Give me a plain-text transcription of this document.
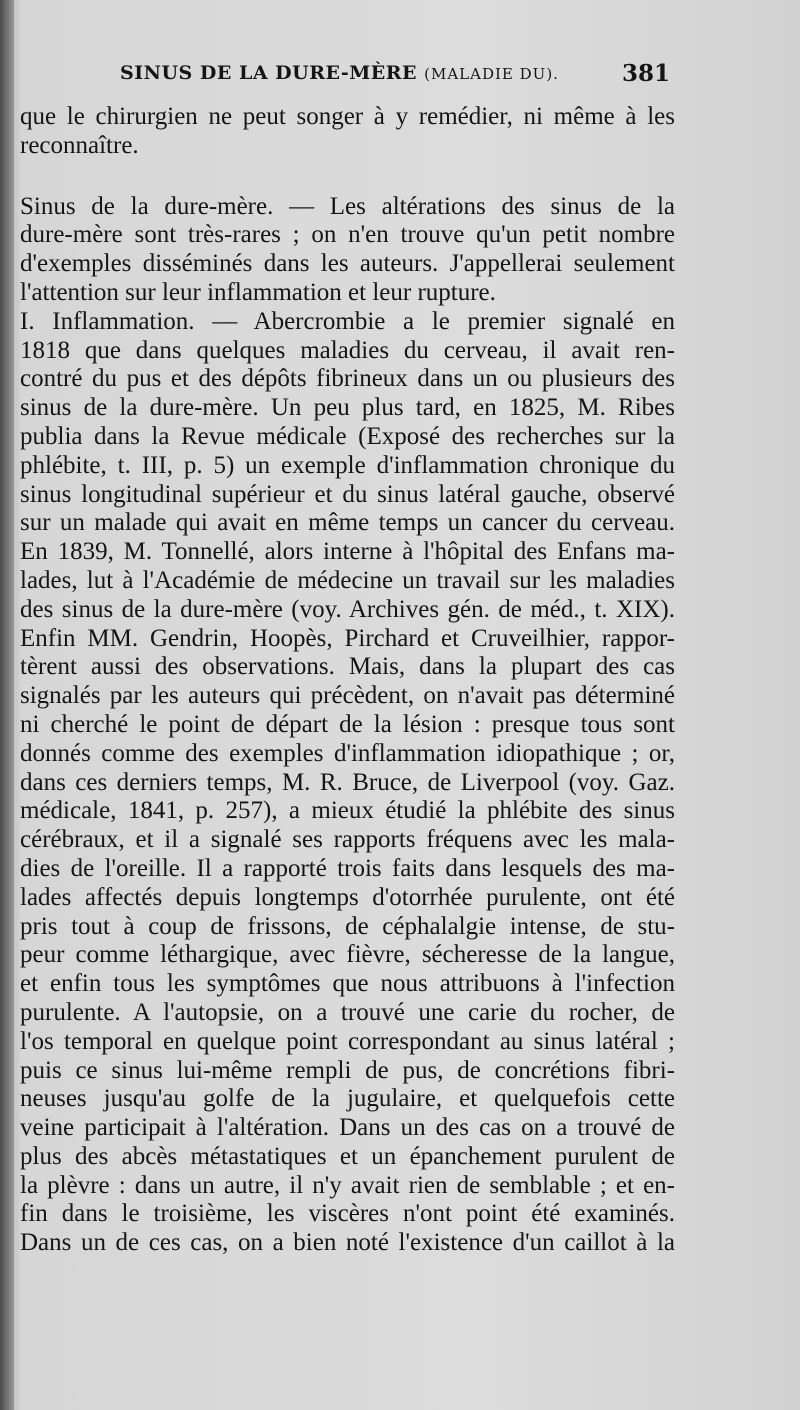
SINUS DE LA DURE-MÈRE (MALADIE DU).	381
que le chirurgien ne peut songer à y remédier, ni même à les
reconnaître.
Sinus de la dure-mère. — Les altérations des sinus de la
dure-mère sont très-rares ; on n'en trouve qu'un petit nombre
d'exemples disséminés dans les auteurs. J'appellerai seulement
l'attention sur leur inflammation et leur rupture.
I. Inflammation. — Abercrombie a le premier signalé en
1818 que dans quelques maladies du cerveau, il avait ren-
contré du pus et des dépôts fibrineux dans un ou plusieurs des
sinus de la dure-mère. Un peu plus tard, en 1825, M. Ribes
publia dans la Revue médicale (Exposé des recherches sur la
phlébite, t. III, p. 5) un exemple d'inflammation chronique du
sinus longitudinal supérieur et du sinus latéral gauche, observé
sur un malade qui avait en même temps un cancer du cerveau.
En 1839, M. Tonnellé, alors interne à l'hôpital des Enfans ma-
lades, lut à l'Académie de médecine un travail sur les maladies
des sinus de la dure-mère (voy. Archives gén. de méd., t. XIX).
Enfin MM. Gendrin, Hoopès, Pirchard et Cruveilhier, rappor-
tèrent aussi des observations. Mais, dans la plupart des cas
signalés par les auteurs qui précèdent, on n'avait pas déterminé
ni cherché le point de départ de la lésion : presque tous sont
donnés comme des exemples d'inflammation idiopathique ; or,
dans ces derniers temps, M. R. Bruce, de Liverpool (voy. Gaz.
médicale, 1841, p. 257), a mieux étudié la phlébite des sinus
cérébraux, et il a signalé ses rapports fréquens avec les mala-
dies de l'oreille. Il a rapporté trois faits dans lesquels des ma-
lades affectés depuis longtemps d'otorrhée purulente, ont été
pris tout à coup de frissons, de céphalalgie intense, de stu-
peur comme léthargique, avec fièvre, sécheresse de la langue,
et enfin tous les symptômes que nous attribuons à l'infection
purulente. A l'autopsie, on a trouvé une carie du rocher, de
l'os temporal en quelque point correspondant au sinus latéral ;
puis ce sinus lui-même rempli de pus, de concrétions fibri-
neuses jusqu'au golfe de la jugulaire, et quelquefois cette
veine participait à l'altération. Dans un des cas on a trouvé de
plus des abcès métastatiques et un épanchement purulent de
la plèvre : dans un autre, il n'y avait rien de semblable ; et en-
fin dans le troisième, les viscères n'ont point été examinés.
Dans un de ces cas, on a bien noté l'existence d'un caillot à la
